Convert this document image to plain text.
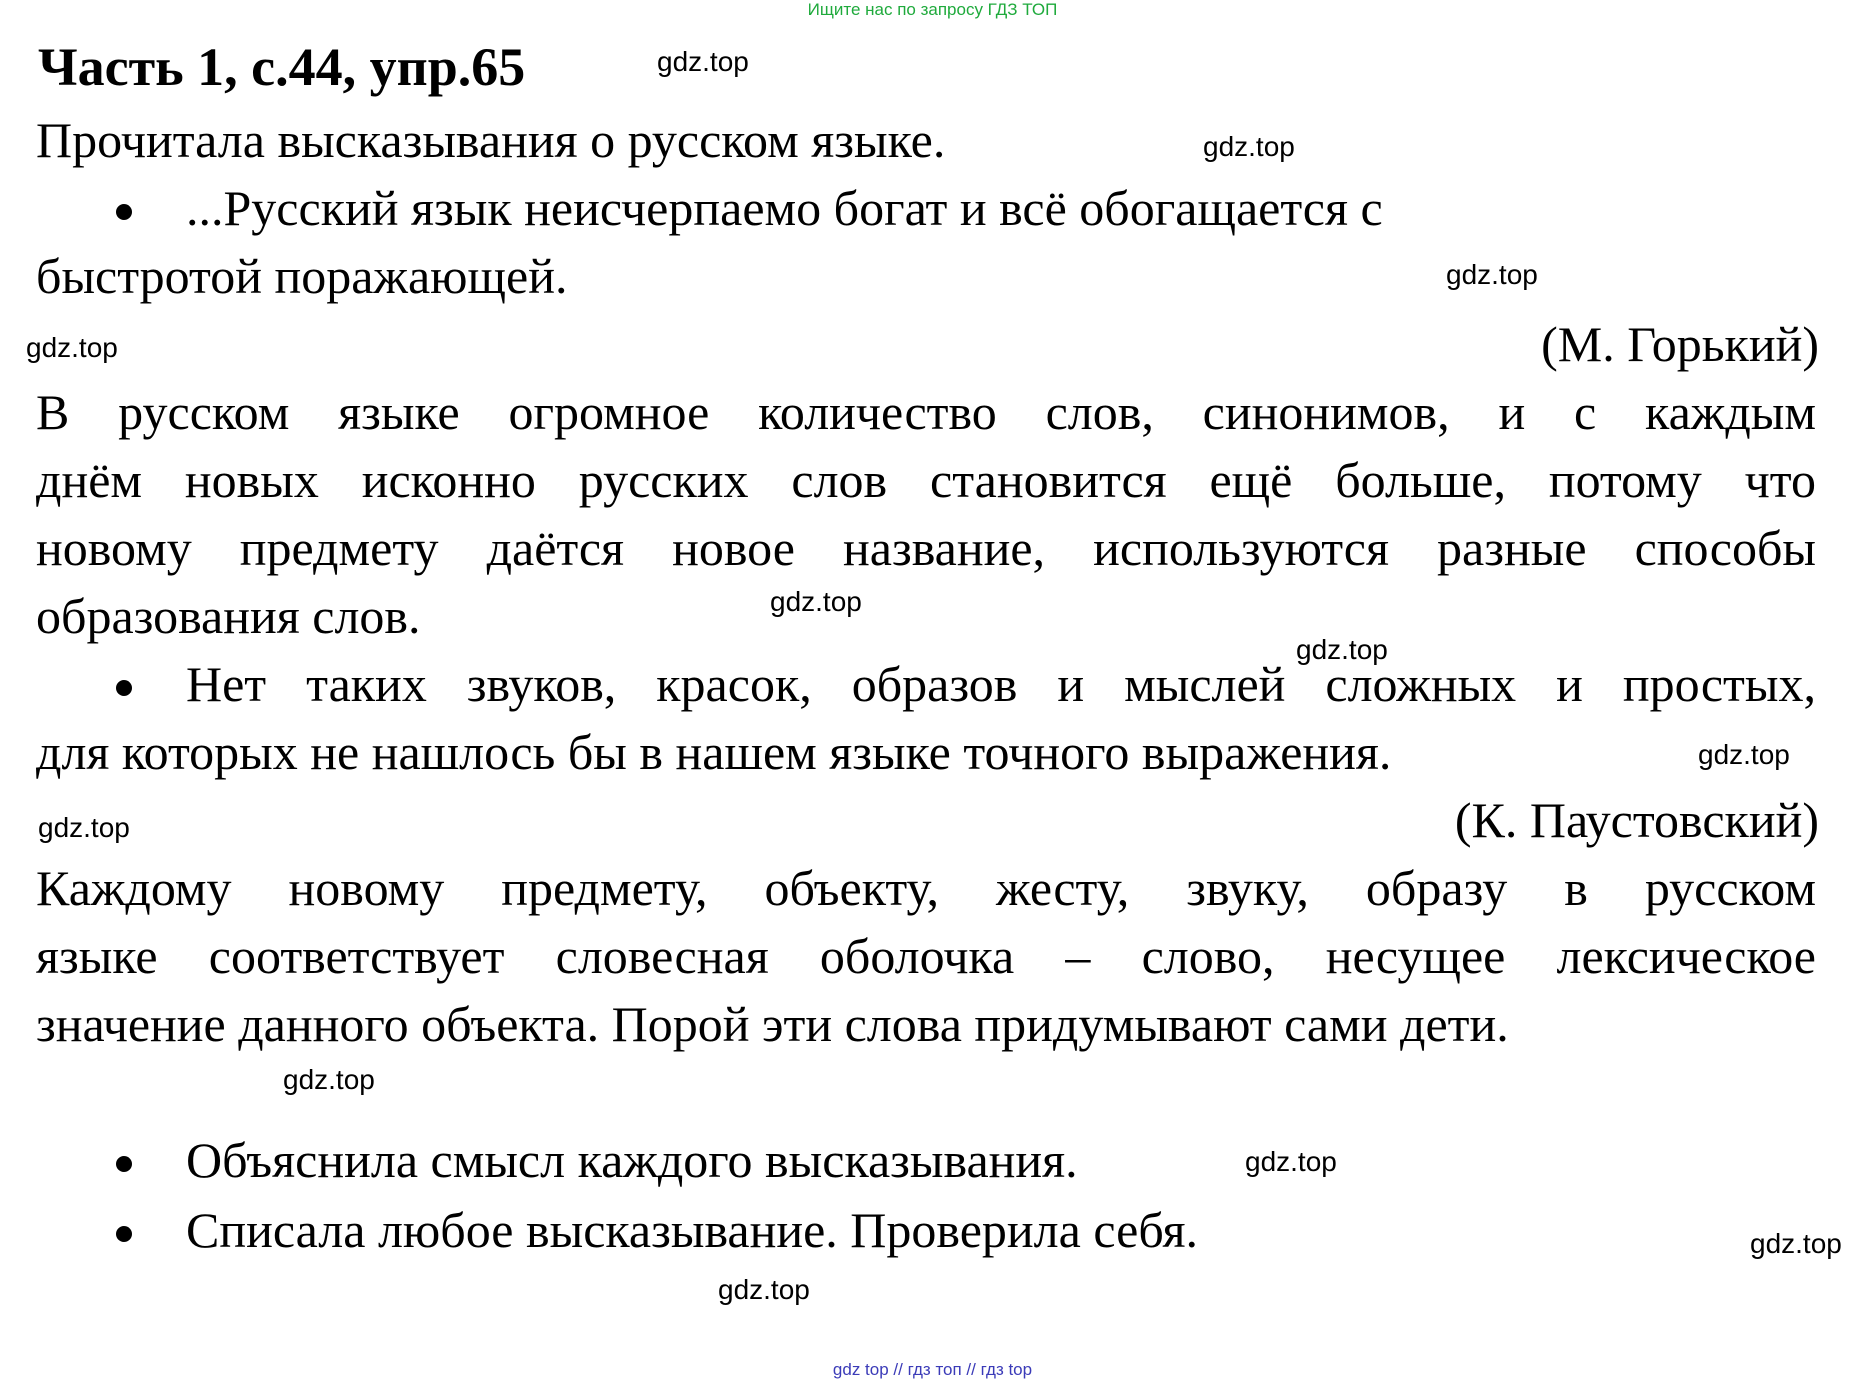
Ищите нас по запросу ГДЗ ТОП
Часть 1, с.44, упр.65
Прочитала высказывания о русском языке.
...Русский язык неисчерпаемо богат и всё обогащается с
быстротой поражающей.
(М. Горький)
В русском языке огромное количество слов, синонимов, и с каждым
днём новых исконно русских слов становится ещё больше, потому что
новому предмету даётся новое название, используются разные способы
образования слов.
Нет таких звуков, красок, образов и мыслей сложных и простых,
для которых не нашлось бы в нашем языке точного выражения.
(К. Паустовский)
Каждому новому предмету, объекту, жесту, звуку, образу в русском
языке соответствует словесная оболочка – слово, несущее лексическое
значение данного объекта. Порой эти слова придумывают сами дети.
Объяснила смысл каждого высказывания.
Списала любое высказывание. Проверила себя.
gdz.top
gdz.top
gdz.top
gdz.top
gdz.top
gdz.top
gdz.top
gdz.top
gdz.top
gdz.top
gdz.top
gdz.top
gdz top // гдз топ // гдз top
